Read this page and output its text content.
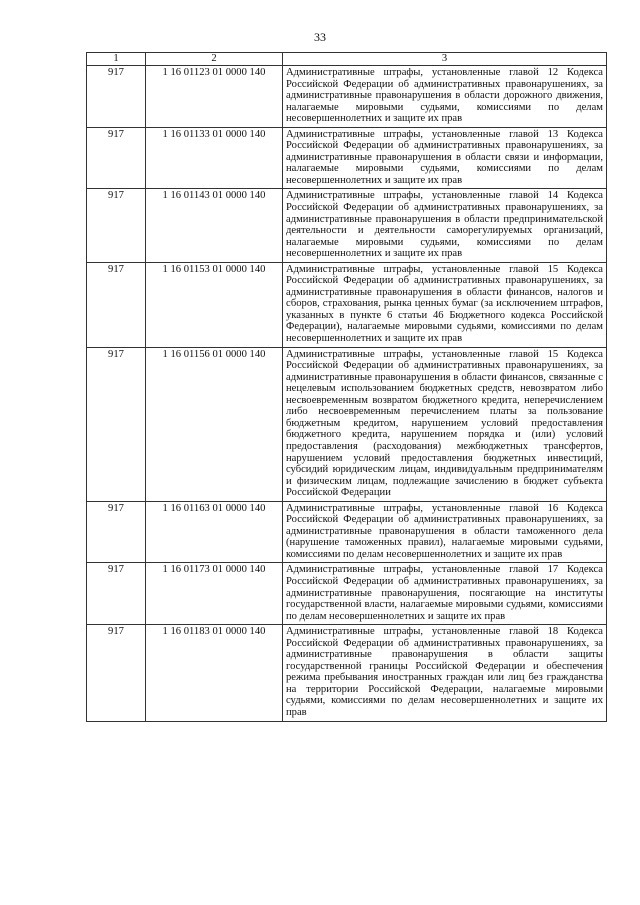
33
1	2	3
917	1 16 01123 01 0000 140	Административные штрафы, установленные главой 12 Кодекса Российской Федерации об административных правонарушениях, за административные правонарушения в области дорожного движения, налагаемые мировыми судьями, комиссиями по делам несовершеннолетних и защите их прав
917	1 16 01133 01 0000 140	Административные штрафы, установленные главой 13 Кодекса Российской Федерации об административных правонарушениях, за административные правонарушения в области связи и информации, налагаемые мировыми судьями, комиссиями по делам несовершеннолетних и защите их прав
917	1 16 01143 01 0000 140	Административные штрафы, установленные главой 14 Кодекса Российской Федерации об административных правонарушениях, за административные правонарушения в области предпринимательской деятельности и деятельности саморегулируемых организаций, налагаемые мировыми судьями, комиссиями по делам несовершеннолетних и защите их прав
917	1 16 01153 01 0000 140	Административные штрафы, установленные главой 15 Кодекса Российской Федерации об административных правонарушениях, за административные правонарушения в области финансов, налогов и сборов, страхования, рынка ценных бумаг (за исключением штрафов, указанных в пункте 6 статьи 46 Бюджетного кодекса Российской Федерации), налагаемые мировыми судьями, комиссиями по делам несовершеннолетних и защите их прав
917	1 16 01156 01 0000 140	Административные штрафы, установленные главой 15 Кодекса Российской Федерации об административных правонарушениях, за административные правонарушения в области финансов, связанные с нецелевым использованием бюджетных средств, невозвратом либо несвоевременным возвратом бюджетного кредита, неперечислением либо несвоевременным перечислением платы за пользование бюджетным кредитом, нарушением условий предоставления бюджетного кредита, нарушением порядка и (или) условий предоставления (расходования) межбюджетных трансфертов, нарушением условий предоставления бюджетных инвестиций, субсидий юридическим лицам, индивидуальным предпринимателям и физическим лицам, подлежащие зачислению в бюджет субъекта Российской Федерации
917	1 16 01163 01 0000 140	Административные штрафы, установленные главой 16 Кодекса Российской Федерации об административных правонарушениях, за административные правонарушения в области таможенного дела (нарушение таможенных правил), налагаемые мировыми судьями, комиссиями по делам несовершеннолетних и защите их прав
917	1 16 01173 01 0000 140	Административные штрафы, установленные главой 17 Кодекса Российской Федерации об административных правонарушениях, за административные правонарушения, посягающие на институты государственной власти, налагаемые мировыми судьями, комиссиями по делам несовершеннолетних и защите их прав
917	1 16 01183 01 0000 140	Административные штрафы, установленные главой 18 Кодекса Российской Федерации об административных правонарушениях, за административные правонарушения в области защиты государственной границы Российской Федерации и обеспечения режима пребывания иностранных граждан или лиц без гражданства на территории Российской Федерации, налагаемые мировыми судьями, комиссиями по делам несовершеннолетних и защите их прав
